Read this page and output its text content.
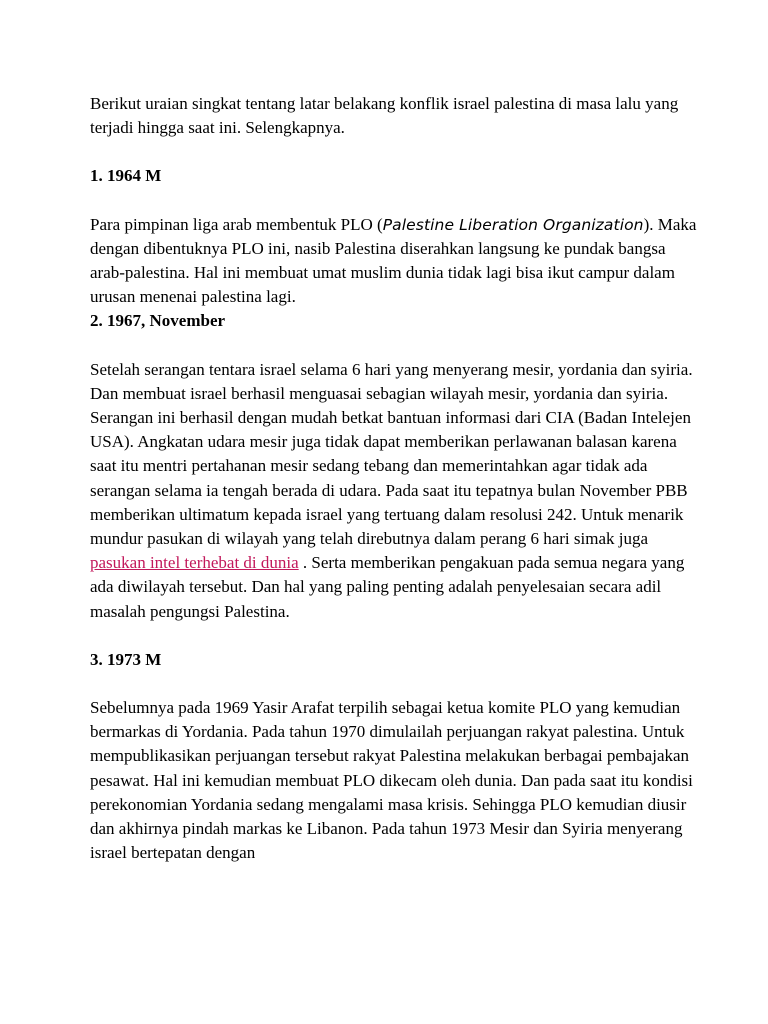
Berikut uraian singkat tentang latar belakang konflik israel palestina di masa lalu yang terjadi hingga saat ini. Selengkapnya.

1. 1964 M

Para pimpinan liga arab membentuk PLO (Palestine Liberation Organization). Maka dengan dibentuknya PLO ini, nasib Palestina diserahkan langsung ke pundak bangsa arab-palestina. Hal ini membuat umat muslim dunia tidak lagi bisa ikut campur dalam urusan menenai palestina lagi.

2. 1967, November

Setelah serangan tentara israel selama 6 hari yang menyerang mesir, yordania dan syiria. Dan membuat israel berhasil menguasai sebagian wilayah mesir, yordania dan syiria. Serangan ini berhasil dengan mudah betkat bantuan informasi dari CIA (Badan Intelejen USA). Angkatan udara mesir juga tidak dapat memberikan perlawanan balasan karena saat itu mentri pertahanan mesir sedang tebang dan memerintahkan agar tidak ada serangan selama ia tengah berada di udara. Pada saat itu tepatnya bulan November PBB memberikan ultimatum kepada israel yang tertuang dalam resolusi 242. Untuk menarik mundur pasukan di wilayah yang telah direbutnya dalam perang 6 hari simak juga pasukan intel terhebat di dunia . Serta memberikan pengakuan pada semua negara yang ada diwilayah tersebut. Dan hal yang paling penting adalah penyelesaian secara adil masalah pengungsi Palestina.

3. 1973 M

Sebelumnya pada 1969 Yasir Arafat terpilih sebagai ketua komite PLO yang kemudian bermarkas di Yordania. Pada tahun 1970 dimulailah perjuangan rakyat palestina. Untuk mempublikasikan perjuangan tersebut rakyat Palestina melakukan berbagai pembajakan pesawat. Hal ini kemudian membuat PLO dikecam oleh dunia. Dan pada saat itu kondisi perekonomian Yordania sedang mengalami masa krisis. Sehingga PLO kemudian diusir dan akhirnya pindah markas ke Libanon. Pada tahun 1973 Mesir dan Syiria menyerang israel bertepatan dengan
